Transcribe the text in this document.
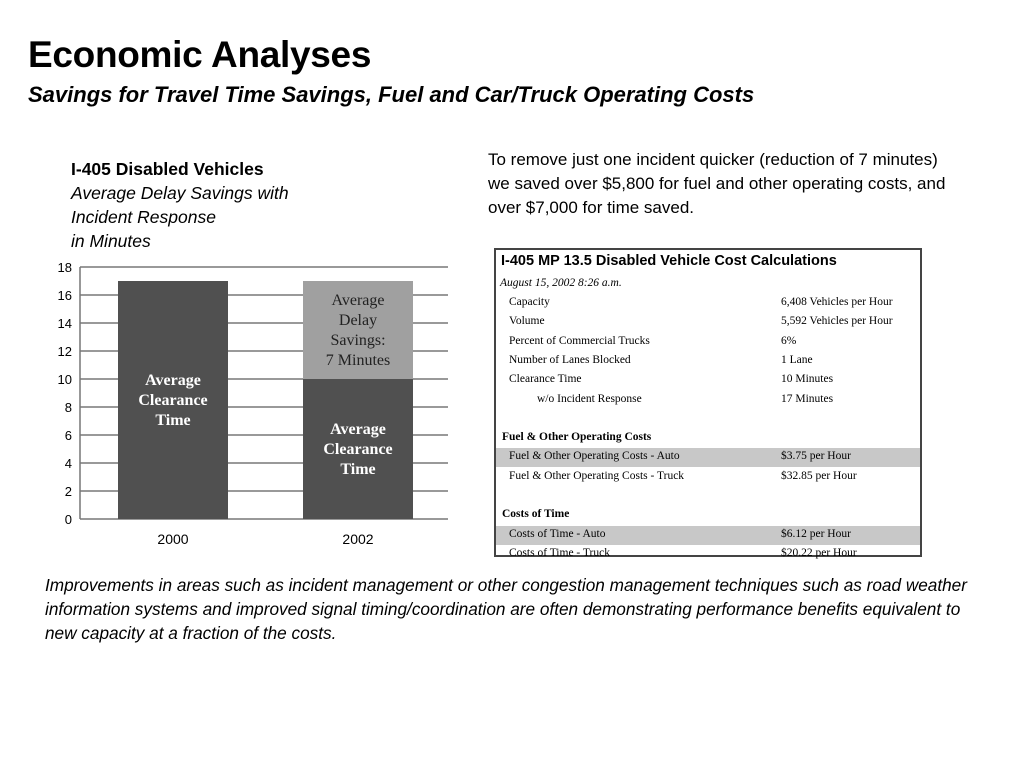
Economic Analyses
Savings for Travel Time Savings, Fuel and Car/Truck Operating Costs
I-405 Disabled Vehicles
Average Delay Savings with
Incident Response
in Minutes
0
2
4
6
8
10
12
14
16
18
Average Clearance Time
2000
Average Clearance Time
Average Delay Savings: 7 Minutes
2002
To remove just one incident quicker (reduction of 7 minutes) we saved over $5,800 for fuel and other operating costs, and over $7,000 for time saved.
I-405 MP 13.5 Disabled Vehicle Cost Calculations
August 15, 2002 8:26 a.m.
Capacity	6,408 Vehicles per Hour
Volume	5,592 Vehicles per Hour
Percent of Commercial Trucks	6%
Number of Lanes Blocked	1 Lane
Clearance Time	10 Minutes
w/o Incident Response	17 Minutes
Fuel & Other Operating Costs
Fuel & Other Operating Costs - Auto	$3.75 per Hour
Fuel & Other Operating Costs - Truck	$32.85 per Hour
Costs of Time
Costs of Time - Auto	$6.12 per Hour
Costs of Time - Truck	$20.22 per Hour
Improvements in areas such as incident management or other congestion management techniques such as road weather information systems and improved signal timing/coordination are often demonstrating performance benefits equivalent to new capacity at a fraction of the costs.
